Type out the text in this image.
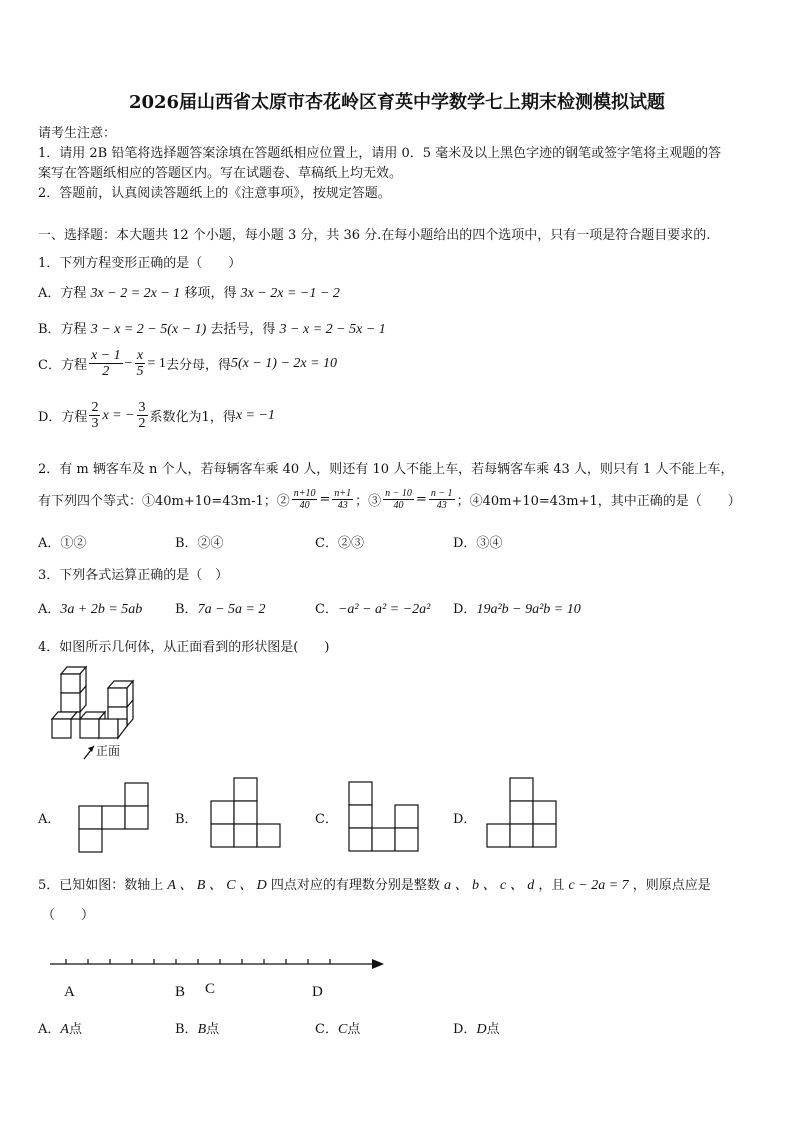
2026届山西省太原市杏花岭区育英中学数学七上期末检测模拟试题
请考生注意：
1．请用 2B 铅笔将选择题答案涂填在答题纸相应位置上，请用 0．5 毫米及以上黑色字迹的钢笔或签字笔将主观题的答
案写在答题纸相应的答题区内。写在试题卷、草稿纸上均无效。
2．答题前，认真阅读答题纸上的《注意事项》，按规定答题。
一、选择题：本大题共 12 个小题，每小题 3 分，共 36 分.在每小题给出的四个选项中，只有一项是符合题目要求的.
1．下列方程变形正确的是（　　）
A．方程 3x − 2 = 2x − 1 移项，得 3x − 2x = −1 − 2
B．方程 3 − x = 2 − 5(x − 1) 去括号，得 3 − x = 2 − 5x − 1
C．方程 $\frac{x - 1}{2} - \frac{x}{5} = 1$ 去分母，得 5(x − 1) − 2x = 10
D．方程 $\frac{2}{3}$ x = − $\frac{3}{2}$ 系数化为1，得 x = −1
2．有 m 辆客车及 n 个人，若每辆客车乘 40 人，则还有 10 人不能上车，若每辆客车乘 43 人，则只有 1 人不能上车，
有下列四个等式：①40m+10=43m-1；② $\frac{n+10}{40} = \frac{n+1}{43}$ ；③ $\frac{n - 10}{40} = \frac{n - 1}{43}$ ；④40m+10=43m+1，其中正确的是（　　）
A．①②	B．②④	C．②③	D．③④
3．下列各式运算正确的是（　）
A．3a + 2b = 5ab	B．7a − 5a = 2	C．−a² − a² = −2a² D．19a²b − 9a²b = 10
4．如图所示几何体，从正面看到的形状图是(　　)
正面
A．	B．	C．	D．
5．已知如图：数轴上 A 、 B 、 C 、 D 四点对应的有理数分别是整数 a 、 b 、 c 、 d ，且 c − 2a = 7 ，则原点应是
（　　）
A	B C	D
A．A点	B．B点	C．C点	D．D点
